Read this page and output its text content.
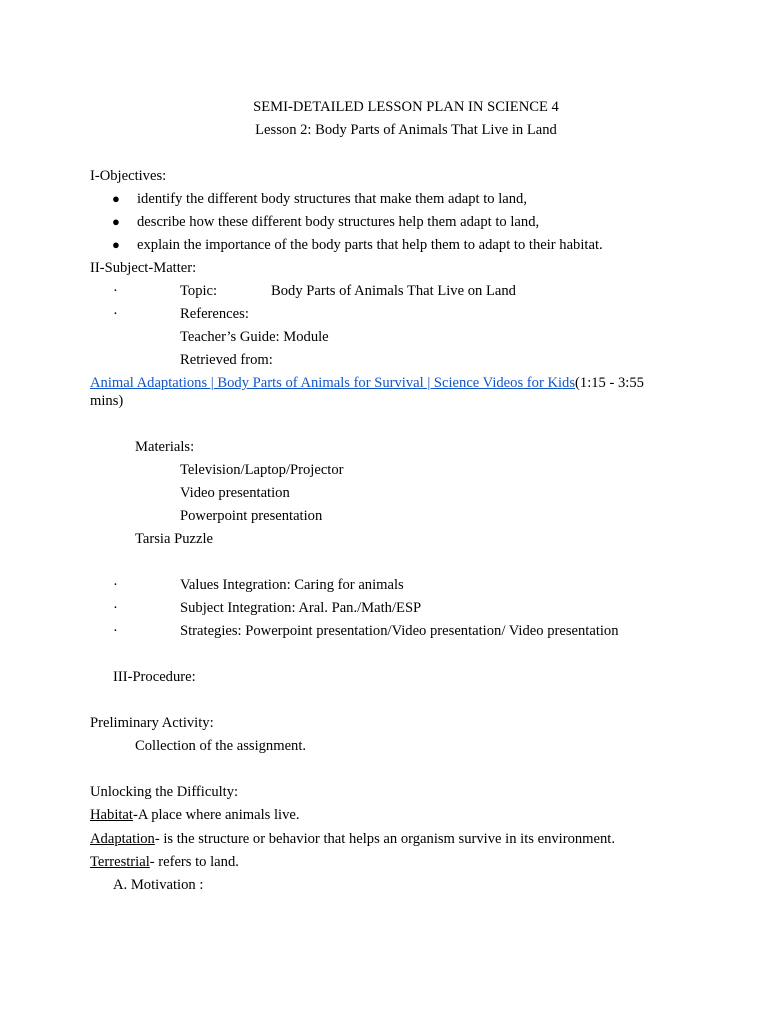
SEMI-DETAILED LESSON PLAN IN SCIENCE 4
Lesson 2: Body Parts of Animals That Live in Land
I-Objectives:
● identify the different body structures that make them adapt to land,
● describe how these different body structures help them adapt to land,
● explain the importance of the body parts that help them to adapt to their habitat.
II-Subject-Matter:
·	Topic:	Body Parts of Animals That Live on Land
·	References:
Teacher’s Guide: Module
Retrieved from:
Animal Adaptations | Body Parts of Animals for Survival | Science Videos for Kids(1:15 - 3:55
mins)
Materials:
Television/Laptop/Projector
Video presentation
Powerpoint presentation
Tarsia Puzzle
·	Values Integration: Caring for animals
·	Subject Integration: Aral. Pan./Math/ESP
·	Strategies: Powerpoint presentation/Video presentation/ Video presentation
III-Procedure:
Preliminary Activity:
Collection of the assignment.
Unlocking the Difficulty:
Habitat-A place where animals live.
Adaptation- is the structure or behavior that helps an organism survive in its environment.
Terrestrial- refers to land.
A. Motivation :
